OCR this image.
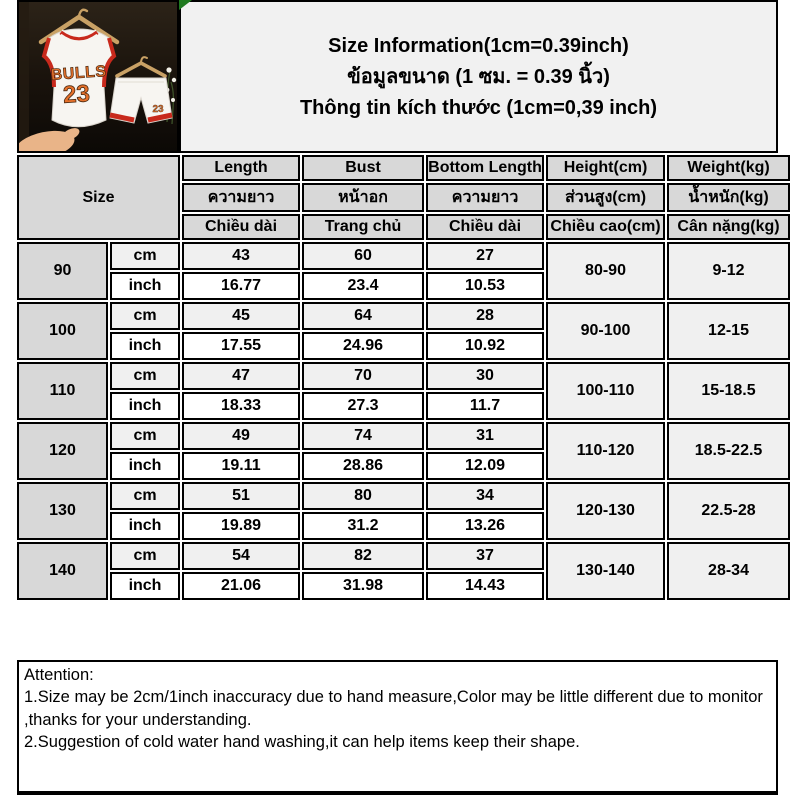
BULLS
23
23
Size Information(1cm=0.39inch)
ข้อมูลขนาด (1 ซม. = 0.39 นิ้ว)
Thông tin kích thước (1cm=0,39 inch)
Size		Length	Bust	Bottom Length	Height(cm)	Weight(kg)
		ความยาว	หน้าอก	ความยาว	ส่วนสูง(cm)	น้ำหนัก(kg)
		Chiều dài	Trang chủ	Chiều dài	Chiều cao(cm)	Cân nặng(kg)
90	cm	43	60	27	80-90	9-12
	inch	16.77	23.4	10.53		
100	cm	45	64	28	90-100	12-15
	inch	17.55	24.96	10.92		
110	cm	47	70	30	100-110	15-18.5
	inch	18.33	27.3	11.7		
120	cm	49	74	31	110-120	18.5-22.5
	inch	19.11	28.86	12.09		
130	cm	51	80	34	120-130	22.5-28
	inch	19.89	31.2	13.26		
140	cm	54	82	37	130-140	28-34
	inch	21.06	31.98	14.43		
Attention:
1.Size may be 2cm/1inch inaccuracy due to hand measure,Color may be little different due to monitor
,thanks for your understanding.
2.Suggestion of cold water hand washing,it can help items keep their shape.
